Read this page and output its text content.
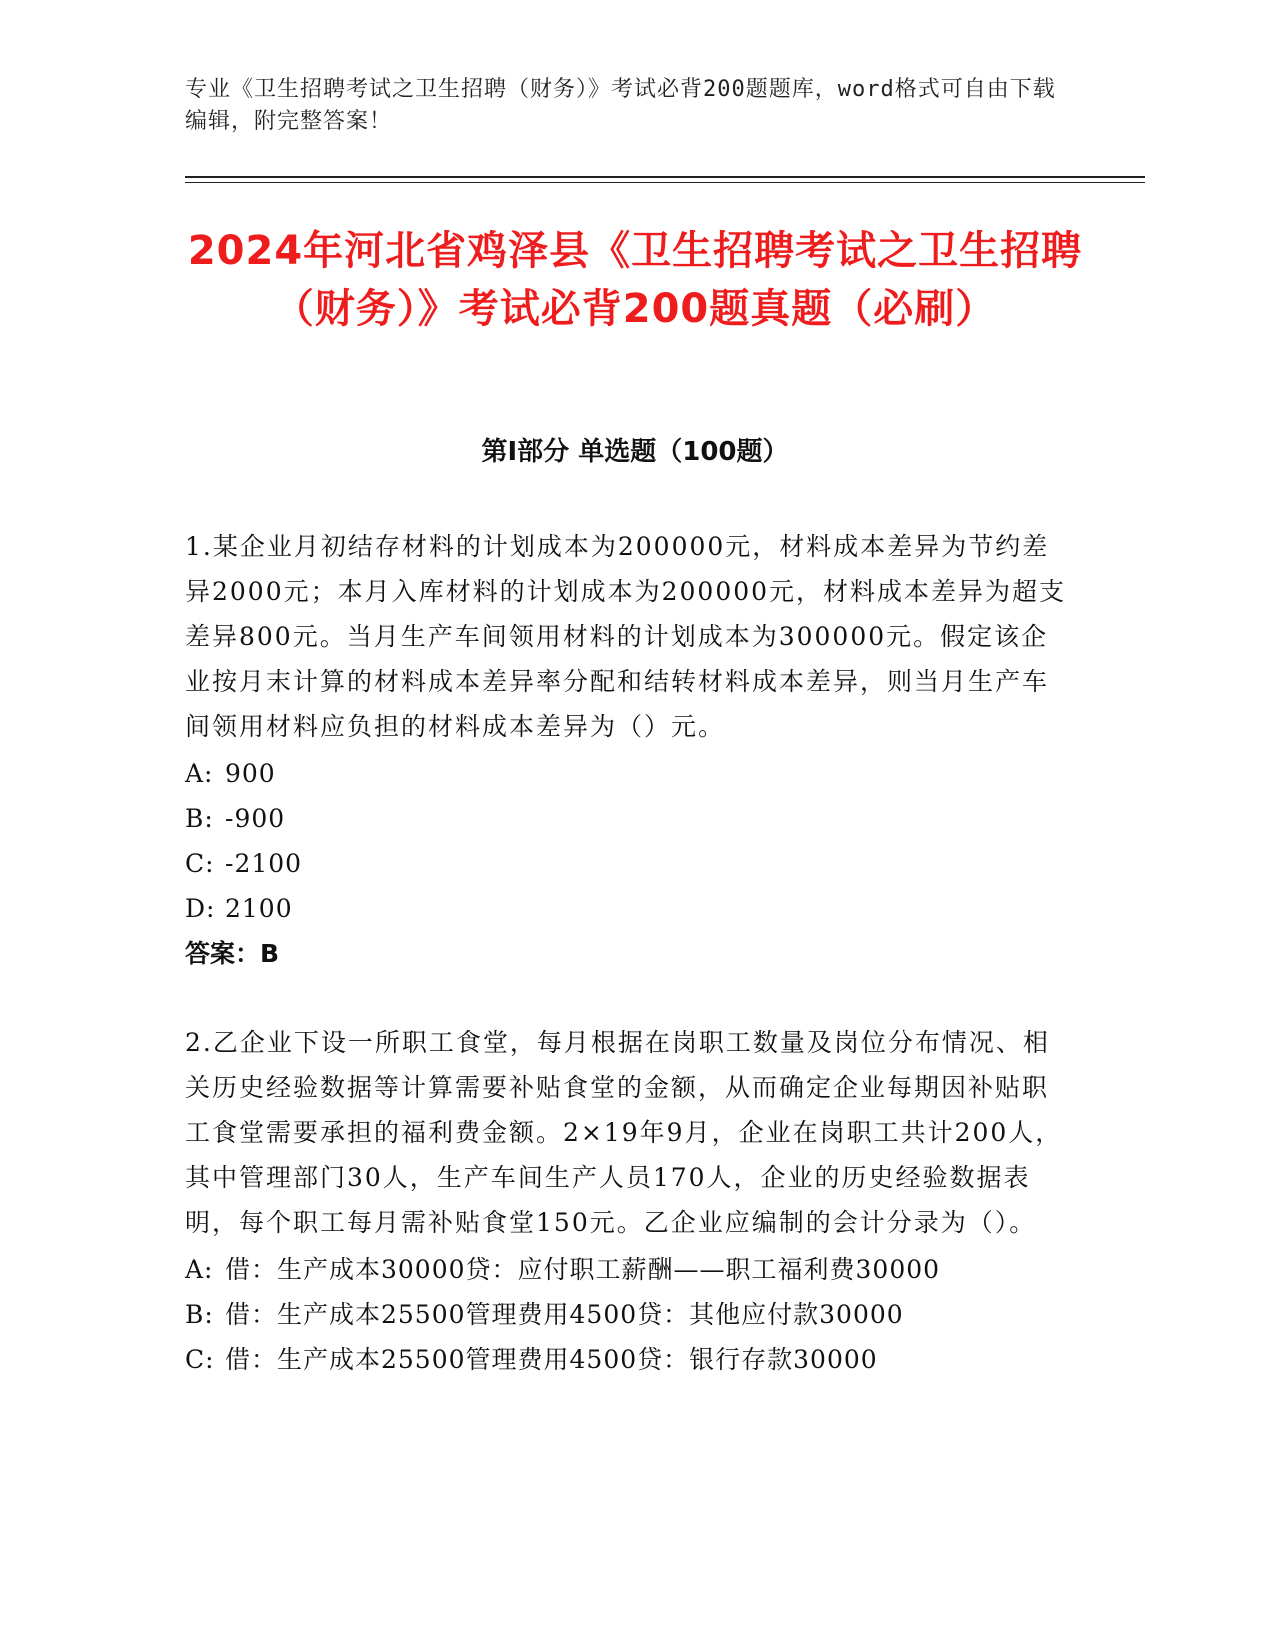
专业《卫生招聘考试之卫生招聘（财务）》考试必背200题题库，word格式可自由下载编辑，附完整答案！
2024年河北省鸡泽县《卫生招聘考试之卫生招聘（财务）》考试必背200题真题（必刷）
第I部分 单选题（100题）

1.某企业月初结存材料的计划成本为200000元，材料成本差异为节约差异2000元；本月入库材料的计划成本为200000元，材料成本差异为超支差异800元。当月生产车间领用材料的计划成本为300000元。假定该企业按月末计算的材料成本差异率分配和结转材料成本差异，则当月生产车间领用材料应负担的材料成本差异为（）元。

A: 900
B: -900
C: -2100
D: 2100
答案：B

2.乙企业下设一所职工食堂，每月根据在岗职工数量及岗位分布情况、相关历史经验数据等计算需要补贴食堂的金额，从而确定企业每期因补贴职工食堂需要承担的福利费金额。2×19年9月，企业在岗职工共计200人，其中管理部门30人，生产车间生产人员170人，企业的历史经验数据表明，每个职工每月需补贴食堂150元。乙企业应编制的会计分录为（）。

A: 借：生产成本30000贷：应付职工薪酬——职工福利费30000
B: 借：生产成本25500管理费用4500贷：其他应付款30000
C: 借：生产成本25500管理费用4500贷：银行存款30000
